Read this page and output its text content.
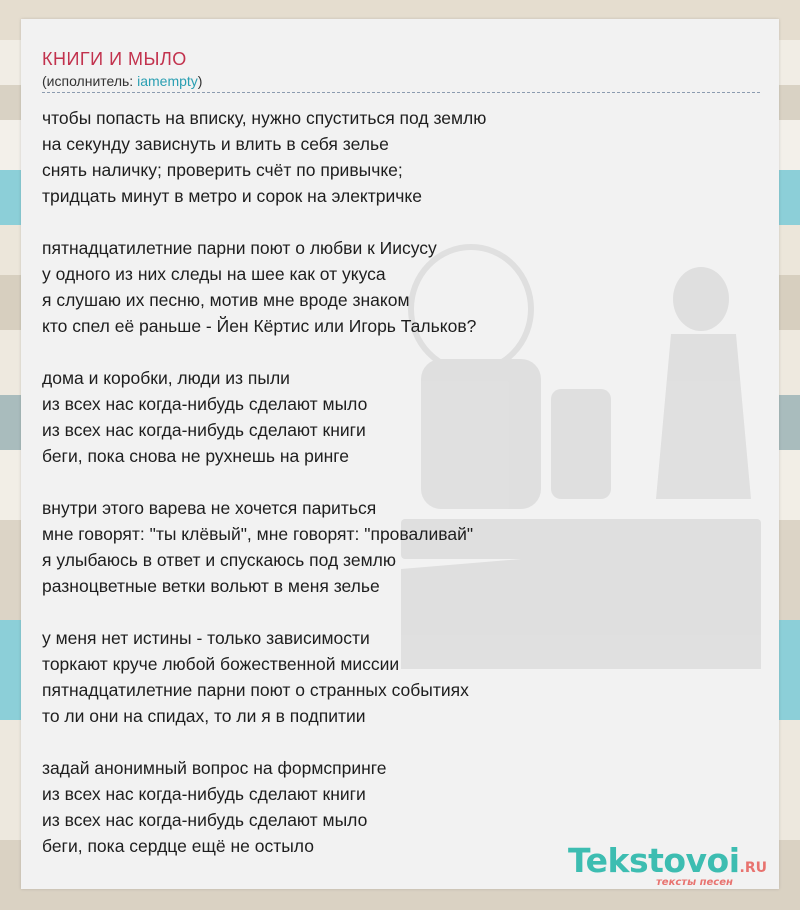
КНИГИ И МЫЛО
(исполнитель: iamempty)
чтобы попасть на вписку, нужно спуститься под землю
на секунду зависнуть и влить в себя зелье
снять наличку; проверить счёт по привычке;
тридцать минут в метро и сорок на электричке
пятнадцатилетние парни поют о любви к Иисусу
у одного из них следы на шее как от укуса
я слушаю их песню, мотив мне вроде знаком
кто спел её раньше - Йен Кёртис или Игорь Тальков?
дома и коробки, люди из пыли
из всех нас когда-нибудь сделают мыло
из всех нас когда-нибудь сделают книги
беги, пока снова не рухнешь на ринге
внутри этого варева не хочется париться
мне говорят: "ты клёвый", мне говорят: "проваливай"
я улыбаюсь в ответ и спускаюсь под землю
разноцветные ветки вольют в меня зелье
у меня нет истины - только зависимости
торкают круче любой божественной миссии
пятнадцатилетние парни поют о странных событиях
то ли они на спидах, то ли я в подпитии
задай анонимный вопрос на формспринге
из всех нас когда-нибудь сделают книги
из всех нас когда-нибудь сделают мыло
беги, пока сердце ещё не остыло	Tekstovoi.RU
тексты песен
